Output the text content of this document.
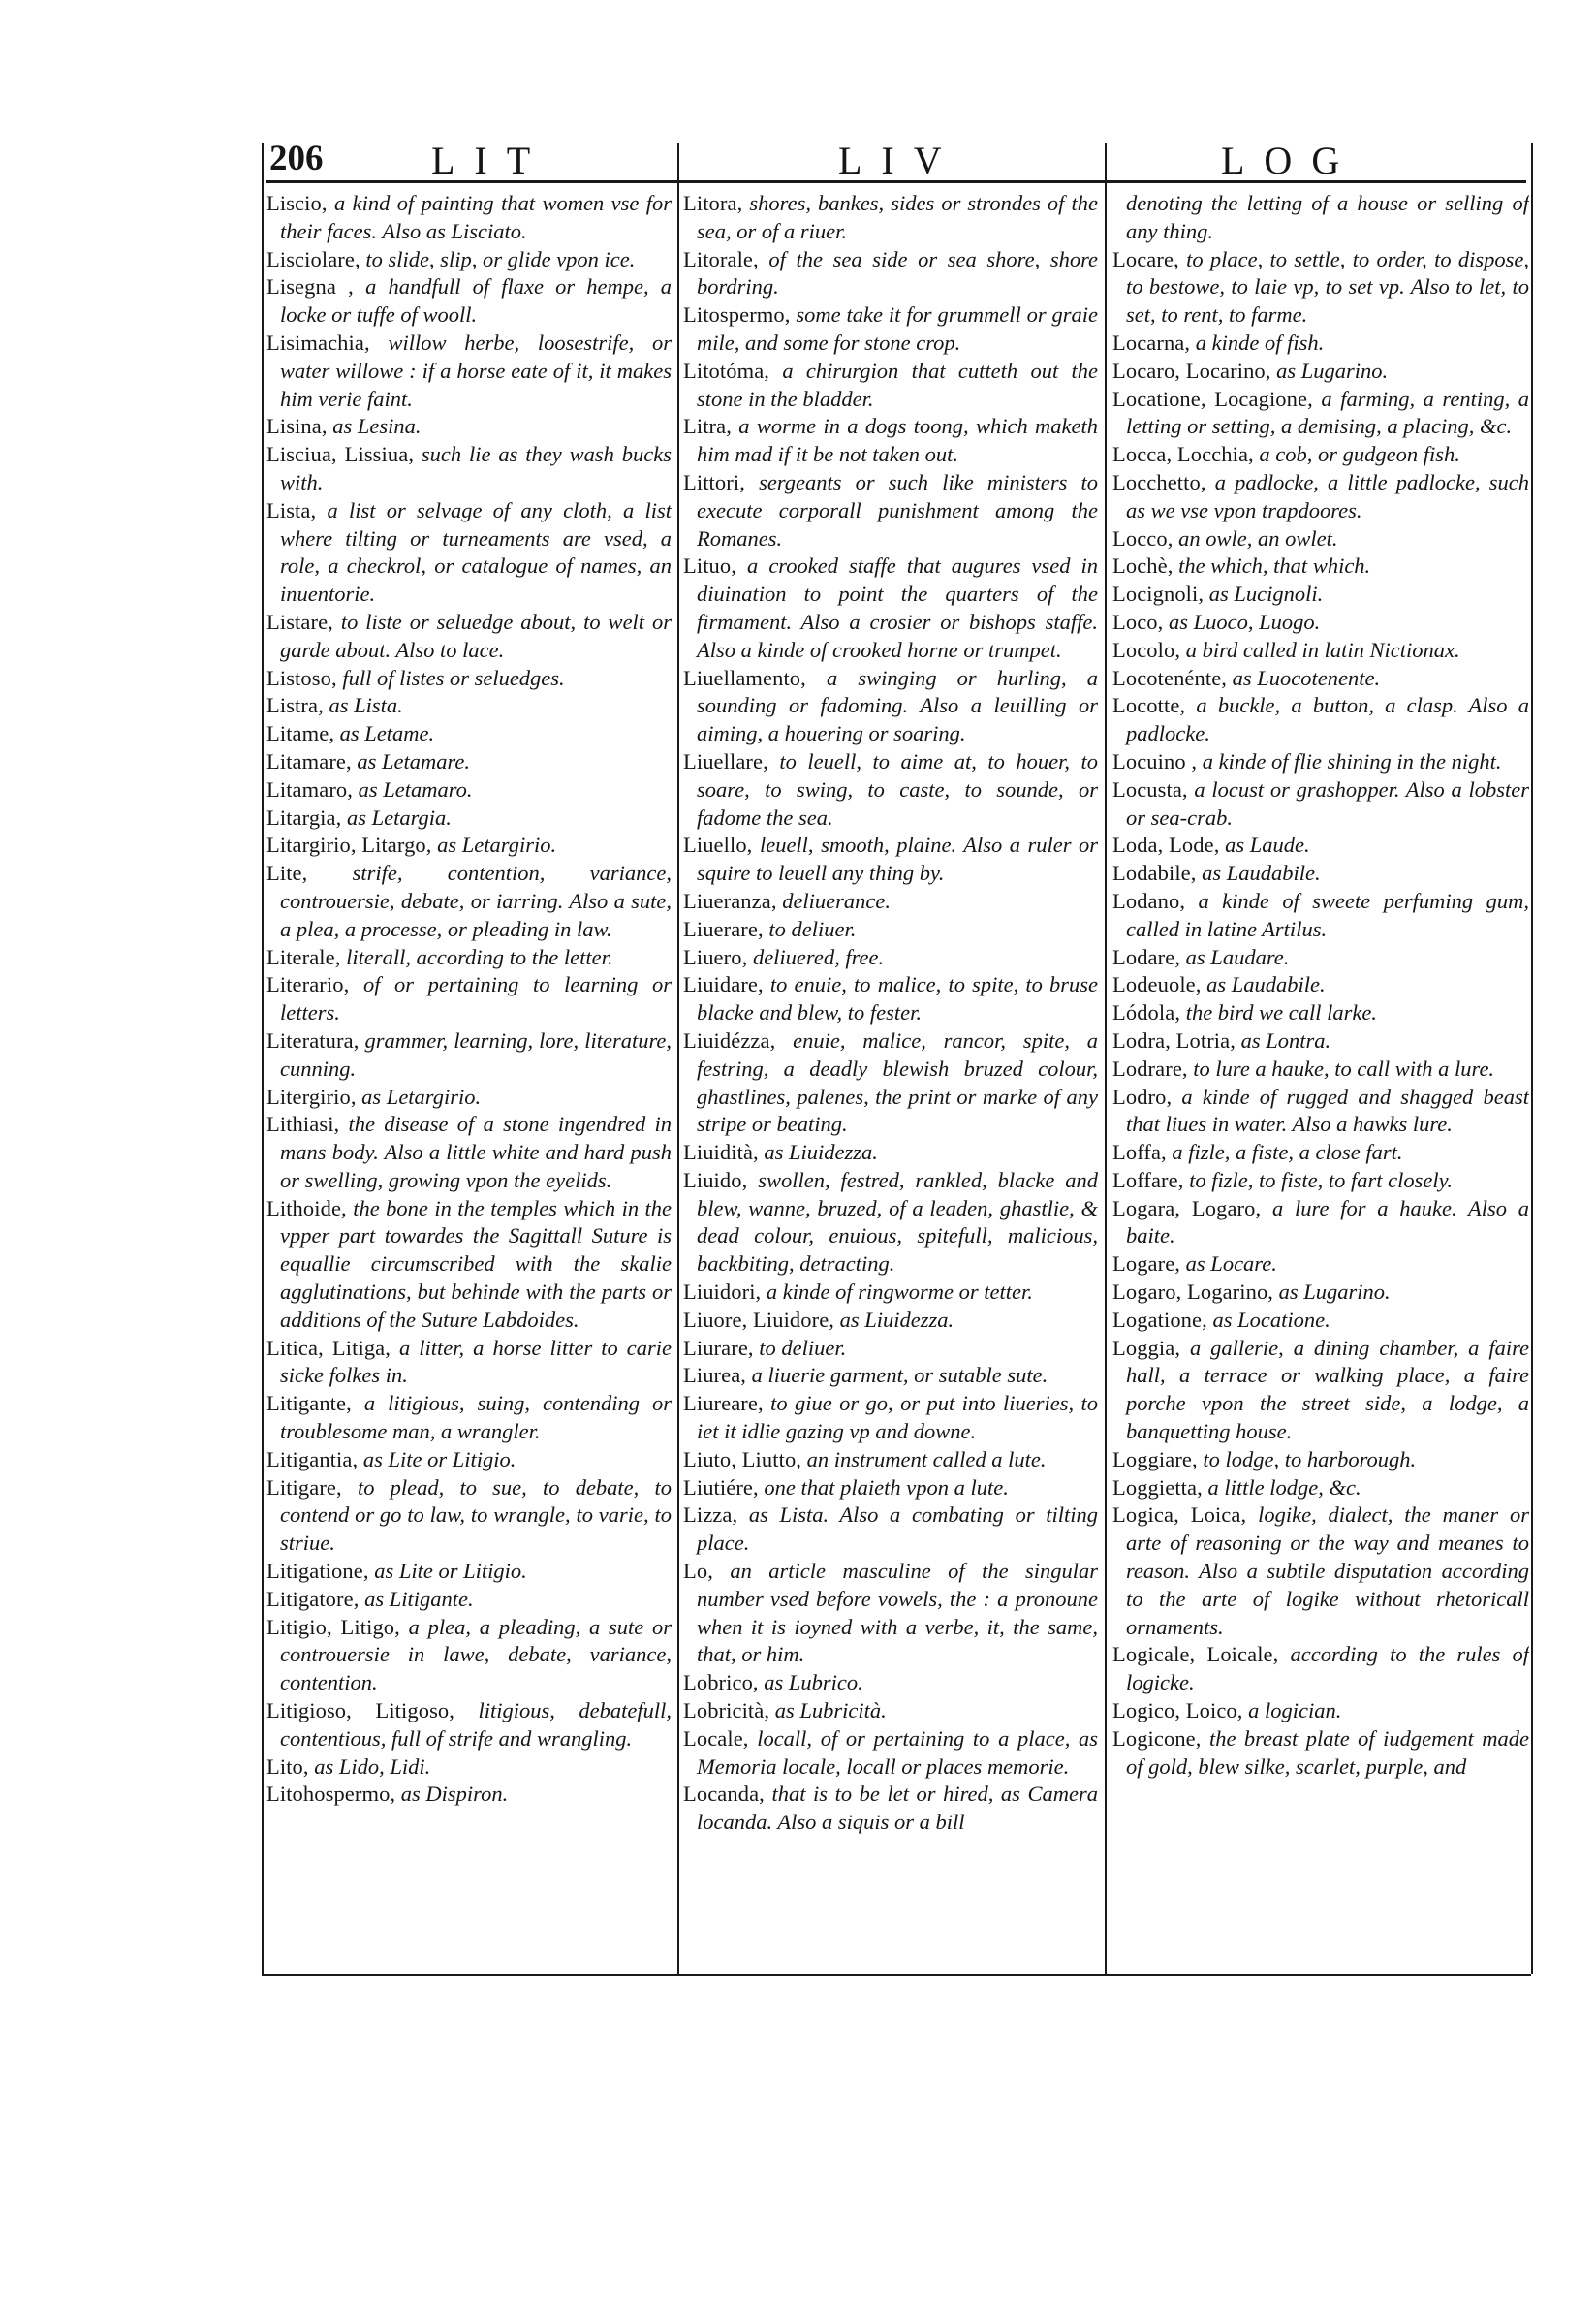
206	LIT	LIV	LOG

Liscio, a kind of painting that women vse for their faces. Also as Lisciato.

Lisciolare, to slide, slip, or glide vpon ice.

Lisegna , a handfull of flaxe or hempe, a locke or tuffe of wooll.

Lisimachia, willow herbe, loosestrife, or water willowe : if a horse eate of it, it makes him verie faint.

Lisina, as Lesina.

Lisciua, Lissiua, such lie as they wash bucks with.

Lista, a list or selvage of any cloth, a list where tilting or turneaments are vsed, a role, a checkrol, or catalogue of names, an inuentorie.

Listare, to liste or seluedge about, to welt or garde about. Also to lace.

Listoso, full of listes or seluedges.

Listra, as Lista.

Litame, as Letame.

Litamare, as Letamare.

Litamaro, as Letamaro.

Litargia, as Letargia.

Litargirio, Litargo, as Letargirio.

Lite, strife, contention, variance, controuersie, debate, or iarring. Also a sute, a plea, a processe, or pleading in law.

Literale, literall, according to the letter.

Literario, of or pertaining to learning or letters.

Literatura, grammer, learning, lore, literature, cunning.

Litergirio, as Letargirio.

Lithiasi, the disease of a stone ingendred in mans body. Also a little white and hard push or swelling, growing vpon the eyelids.

Lithoide, the bone in the temples which in the vpper part towardes the Sagittall Suture is equallie circumscribed with the skalie agglutinations, but behinde with the parts or additions of the Suture Labdoides.

Litica, Litiga, a litter, a horse litter to carie sicke folkes in.

Litigante, a litigious, suing, contending or troublesome man, a wrangler.

Litigantia, as Lite or Litigio.

Litigare, to plead, to sue, to debate, to contend or go to law, to wrangle, to varie, to striue.

Litigatione, as Lite or Litigio.

Litigatore, as Litigante.

Litigio, Litigo, a plea, a pleading, a sute or controuersie in lawe, debate, variance, contention.

Litigioso, Litigoso, litigious, debatefull, contentious, full of strife and wrangling.

Lito, as Lido, Lidi.

Litohospermo, as Dispiron.

Litora, shores, bankes, sides or strondes of the sea, or of a riuer.

Litorale, of the sea side or sea shore, shore bordring.

Litospermo, some take it for grummell or graie mile, and some for stone crop.

Litotóma, a chirurgion that cutteth out the stone in the bladder.

Litra, a worme in a dogs toong, which maketh him mad if it be not taken out.

Littori, sergeants or such like ministers to execute corporall punishment among the Romanes.

Lituo, a crooked staffe that augures vsed in diuination to point the quarters of the firmament. Also a crosier or bishops staffe. Also a kinde of crooked horne or trumpet.

Liuellamento, a swinging or hurling, a sounding or fadoming. Also a leuilling or aiming, a houering or soaring.

Liuellare, to leuell, to aime at, to houer, to soare, to swing, to caste, to sounde, or fadome the sea.

Liuello, leuell, smooth, plaine. Also a ruler or squire to leuell any thing by.

Liueranza, deliuerance.

Liuerare, to deliuer.

Liuero, deliuered, free.

Liuidare, to enuie, to malice, to spite, to bruse blacke and blew, to fester.

Liuidézza, enuie, malice, rancor, spite, a festring, a deadly blewish bruzed colour, ghastlines, palenes, the print or marke of any stripe or beating.

Liuidità, as Liuidezza.

Liuido, swollen, festred, rankled, blacke and blew, wanne, bruzed, of a leaden, ghastlie, & dead colour, enuious, spitefull, malicious, backbiting, detracting.

Liuidori, a kinde of ringworme or tetter.

Liuore, Liuidore, as Liuidezza.

Liurare, to deliuer.

Liurea, a liuerie garment, or sutable sute.

Liureare, to giue or go, or put into liueries, to iet it idlie gazing vp and downe.

Liuto, Liutto, an instrument called a lute.

Liutiére, one that plaieth vpon a lute.

Lizza, as Lista. Also a combating or tilting place.

Lo, an article masculine of the singular number vsed before vowels, the : a pronoune when it is ioyned with a verbe, it, the same, that, or him.

Lobrico, as Lubrico.

Lobricità, as Lubricità.

Locale, locall, of or pertaining to a place, as Memoria locale, locall or places memorie.

Locanda, that is to be let or hired, as Camera locanda. Also a siquis or a bill

denoting the letting of a house or selling of any thing.

Locare, to place, to settle, to order, to dispose, to bestowe, to laie vp, to set vp. Also to let, to set, to rent, to farme.

Locarna, a kinde of fish.

Locaro, Locarino, as Lugarino.

Locatione, Locagione, a farming, a renting, a letting or setting, a demising, a placing, &c.

Locca, Locchia, a cob, or gudgeon fish.

Locchetto, a padlocke, a little padlocke, such as we vse vpon trapdoores.

Locco, an owle, an owlet.

Lochè, the which, that which.

Locignoli, as Lucignoli.

Loco, as Luoco, Luogo.

Locolo, a bird called in latin Nictionax.

Locotenénte, as Luocotenente.

Locotte, a buckle, a button, a clasp. Also a padlocke.

Locuino , a kinde of flie shining in the night.

Locusta, a locust or grashopper. Also a lobster or sea-crab.

Loda, Lode, as Laude.

Lodabile, as Laudabile.

Lodano, a kinde of sweete perfuming gum, called in latine Artilus.

Lodare, as Laudare.

Lodeuole, as Laudabile.

Lódola, the bird we call larke.

Lodra, Lotria, as Lontra.

Lodrare, to lure a hauke, to call with a lure.

Lodro, a kinde of rugged and shagged beast that liues in water. Also a hawks lure.

Loffa, a fizle, a fiste, a close fart.

Loffare, to fizle, to fiste, to fart closely.

Logara, Logaro, a lure for a hauke. Also a baite.

Logare, as Locare.

Logaro, Logarino, as Lugarino.

Logatione, as Locatione.

Loggia, a gallerie, a dining chamber, a faire hall, a terrace or walking place, a faire porche vpon the street side, a lodge, a banquetting house.

Loggiare, to lodge, to harborough.

Loggietta, a little lodge, &c.

Logica, Loica, logike, dialect, the maner or arte of reasoning or the way and meanes to reason. Also a subtile disputation according to the arte of logike without rhetoricall ornaments.

Logicale, Loicale, according to the rules of logicke.

Logico, Loico, a logician.

Logicone, the breast plate of iudgement made of gold, blew silke, scarlet, purple, and
